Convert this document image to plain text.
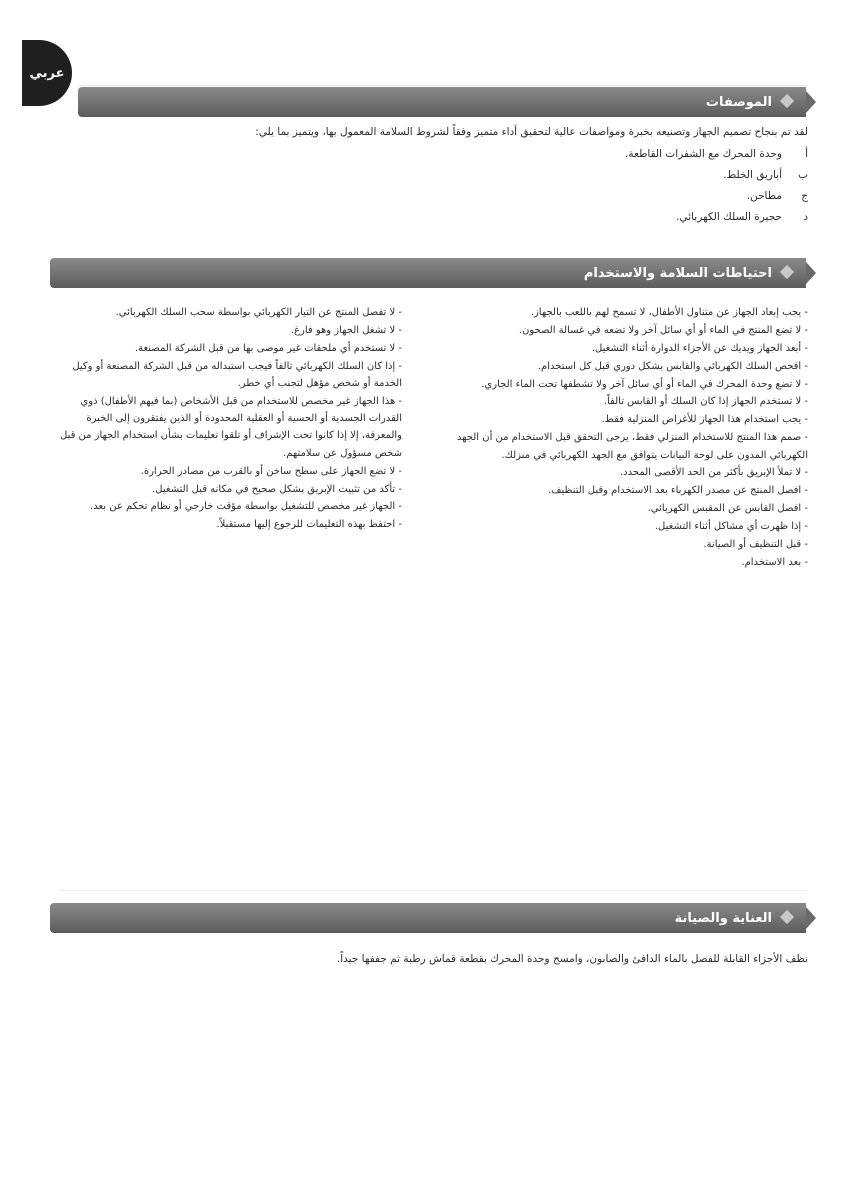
عربي
الموصفات
لقد تم بنجاح تصميم الجهاز وتصنيعه بخبرة ومواصفات عالية لتحقيق أداء متميز وفقاً لشروط السلامة المعمول بها، ويتميز بما يلي:
أ
وحدة المحرك مع الشفرات القاطعة.
ب
أباريق الخلط.
ج
مطاحن.
د
حجيرة السلك الكهربائي.
احتياطات السلامة والاستخدام
- يجب إبعاد الجهاز عن متناول الأطفال، لا تسمح لهم باللعب بالجهاز.
- لا تضع المنتج في الماء أو أي سائل آخر ولا تضعه في غسالة الصحون.
- أبعد الجهاز ويديك عن الأجزاء الدوارة أثناء التشغيل.
- افحص السلك الكهربائي والقابس بشكل دوري قبل كل استخدام.
- لا تضع وحدة المحرك في الماء أو أي سائل آخر ولا تشطفها تحت الماء الجاري.
- لا تستخدم الجهاز إذا كان السلك أو القابس تالفاً.
- يجب استخدام هذا الجهاز للأغراض المنزلية فقط.
- صمم هذا المنتج للاستخدام المنزلي فقط، يرجى التحقق قبل الاستخدام من أن الجهد الكهربائي المدون على لوحة البيانات يتوافق مع الجهد الكهربائي في منزلك.
- لا تملأ الإبريق بأكثر من الحد الأقصى المحدد.
- افصل المنتج عن مصدر الكهرباء بعد الاستخدام وقبل التنظيف.
- افصل القابس عن المقبس الكهربائي.
- إذا ظهرت أي مشاكل أثناء التشغيل.
- قبل التنظيف أو الصيانة.
- بعد الاستخدام.
- لا تفصل المنتج عن التيار الكهربائي بواسطة سحب السلك الكهربائي.
- لا تشغل الجهاز وهو فارغ.
- لا تستخدم أي ملحقات غير موصى بها من قبل الشركة المصنعة.
- إذا كان السلك الكهربائي تالفاً فيجب استبداله من قبل الشركة المصنعة أو وكيل الخدمة أو شخص مؤهل لتجنب أي خطر.
- هذا الجهاز غير مخصص للاستخدام من قبل الأشخاص (بما فيهم الأطفال) ذوي القدرات الجسدية أو الحسية أو العقلية المحدودة أو الذين يفتقرون إلى الخبرة والمعرفة، إلا إذا كانوا تحت الإشراف أو تلقوا تعليمات بشأن استخدام الجهاز من قبل شخص مسؤول عن سلامتهم.
- لا تضع الجهاز على سطح ساخن أو بالقرب من مصادر الحرارة.
- تأكد من تثبيت الإبريق بشكل صحيح في مكانه قبل التشغيل.
- الجهاز غير مخصص للتشغيل بواسطة مؤقت خارجي أو نظام تحكم عن بعد.
- احتفظ بهذه التعليمات للرجوع إليها مستقبلاً.
العناية والصيانة
نظف الأجزاء القابلة للفصل بالماء الدافئ والصابون، وامسح وحدة المحرك بقطعة قماش رطبة ثم جففها جيداً.
